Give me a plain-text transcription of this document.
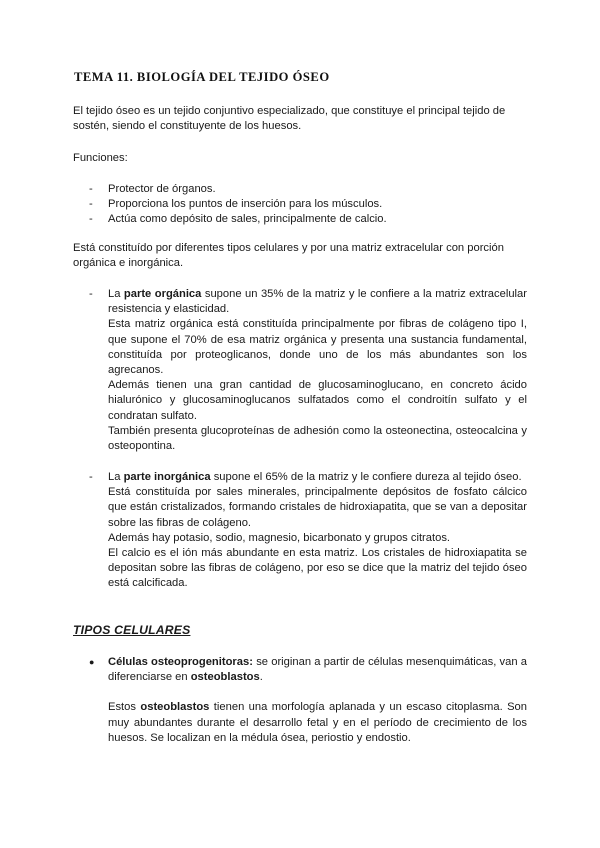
TEMA 11. BIOLOGÍA DEL TEJIDO ÓSEO

El tejido óseo es un tejido conjuntivo especializado, que constituye el principal tejido de sostén, siendo el constituyente de los huesos.

Funciones:

- Protector de órganos.
- Proporciona los puntos de inserción para los músculos.
- Actúa como depósito de sales, principalmente de calcio.

Está constituído por diferentes tipos celulares y por una matriz extracelular con porción orgánica e inorgánica.

- La parte orgánica supone un 35% de la matriz y le confiere a la matriz extracelular resistencia y elasticidad.

Esta matriz orgánica está constituída principalmente por fibras de colágeno tipo I, que supone el 70% de esa matriz orgánica y presenta una sustancia fundamental, constituída por proteoglicanos, donde uno de los más abundantes son los agrecanos.

Además tienen una gran cantidad de glucosaminoglucano, en concreto ácido hialurónico y glucosaminoglucanos sulfatados como el condroitín sulfato y el condratan sulfato.

También presenta glucoproteínas de adhesión como la osteonectina, osteocalcina y osteopontina.

- La parte inorgánica supone el 65% de la matriz y le confiere dureza al tejido óseo.

Está constituída por sales minerales, principalmente depósitos de fosfato cálcico que están cristalizados, formando cristales de hidroxiapatita, que se van a depositar sobre las fibras de colágeno.

Además hay potasio, sodio, magnesio, bicarbonato y grupos citratos.

El calcio es el ión más abundante en esta matriz. Los cristales de hidroxiapatita se depositan sobre las fibras de colágeno, por eso se dice que la matriz del tejido óseo está calcificada.

TIPOS CELULARES
● Células osteoprogenitoras: se originan a partir de células mesenquimáticas, van a diferenciarse en osteoblastos.

Estos osteoblastos tienen una morfología aplanada y un escaso citoplasma. Son muy abundantes durante el desarrollo fetal y en el período de crecimiento de los huesos. Se localizan en la médula ósea, periostio y endostio.
